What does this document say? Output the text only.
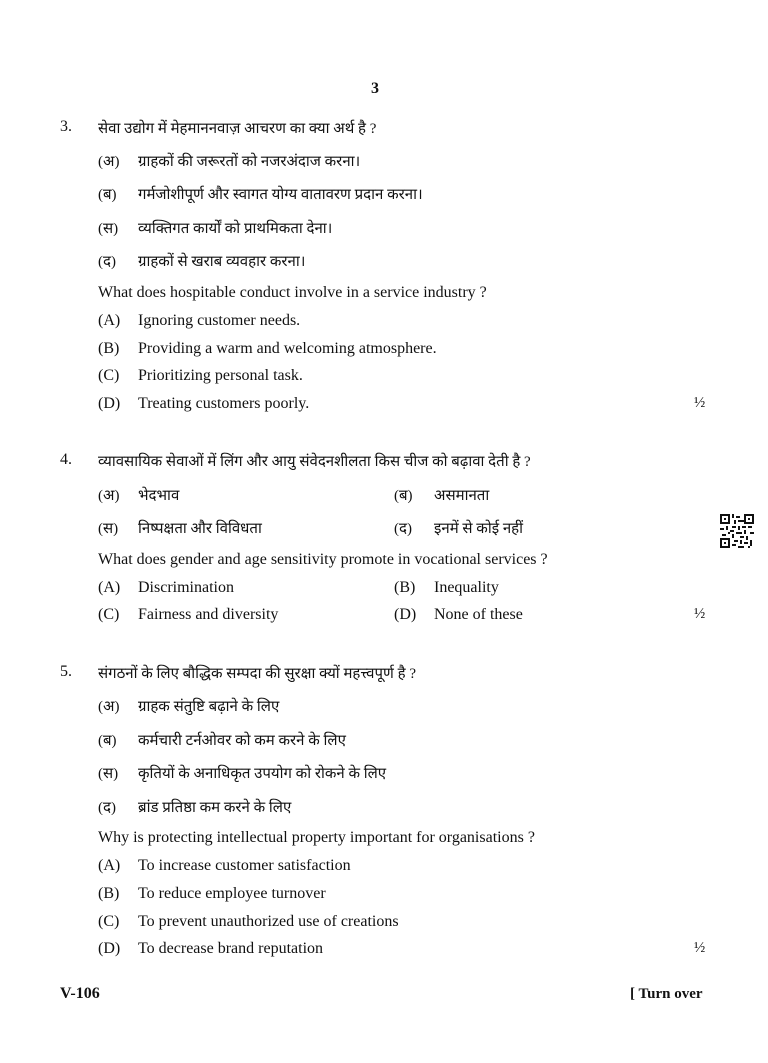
3
3. सेवा उद्योग में मेहमाननवाज़ आचरण का क्या अर्थ है ?
(अ) ग्राहकों की जरूरतों को नजरअंदाज करना।
(ब) गर्मजोशीपूर्ण और स्वागत योग्य वातावरण प्रदान करना।
(स) व्यक्तिगत कार्यों को प्राथमिकता देना।
(द) ग्राहकों से खराब व्यवहार करना।
What does hospitable conduct involve in a service industry ?
(A) Ignoring customer needs.
(B) Providing a warm and welcoming atmosphere.
(C) Prioritizing personal task.
(D) Treating customers poorly.	½
4. व्यावसायिक सेवाओं में लिंग और आयु संवेदनशीलता किस चीज को बढ़ावा देती है ?
(अ) भेदभाव	(ब) असमानता
(स) निष्पक्षता और विविधता	(द) इनमें से कोई नहीं
What does gender and age sensitivity promote in vocational services ?
(A) Discrimination	(B) Inequality
(C) Fairness and diversity	(D) None of these	½
5. संगठनों के लिए बौद्धिक सम्पदा की सुरक्षा क्यों महत्त्वपूर्ण है ?
(अ) ग्राहक संतुष्टि बढ़ाने के लिए
(ब) कर्मचारी टर्नओवर को कम करने के लिए
(स) कृतियों के अनाधिकृत उपयोग को रोकने के लिए
(द) ब्रांड प्रतिष्ठा कम करने के लिए
Why is protecting intellectual property important for organisations ?
(A) To increase customer satisfaction
(B) To reduce employee turnover
(C) To prevent unauthorized use of creations
(D) To decrease brand reputation	½
V-106	[ Turn over
